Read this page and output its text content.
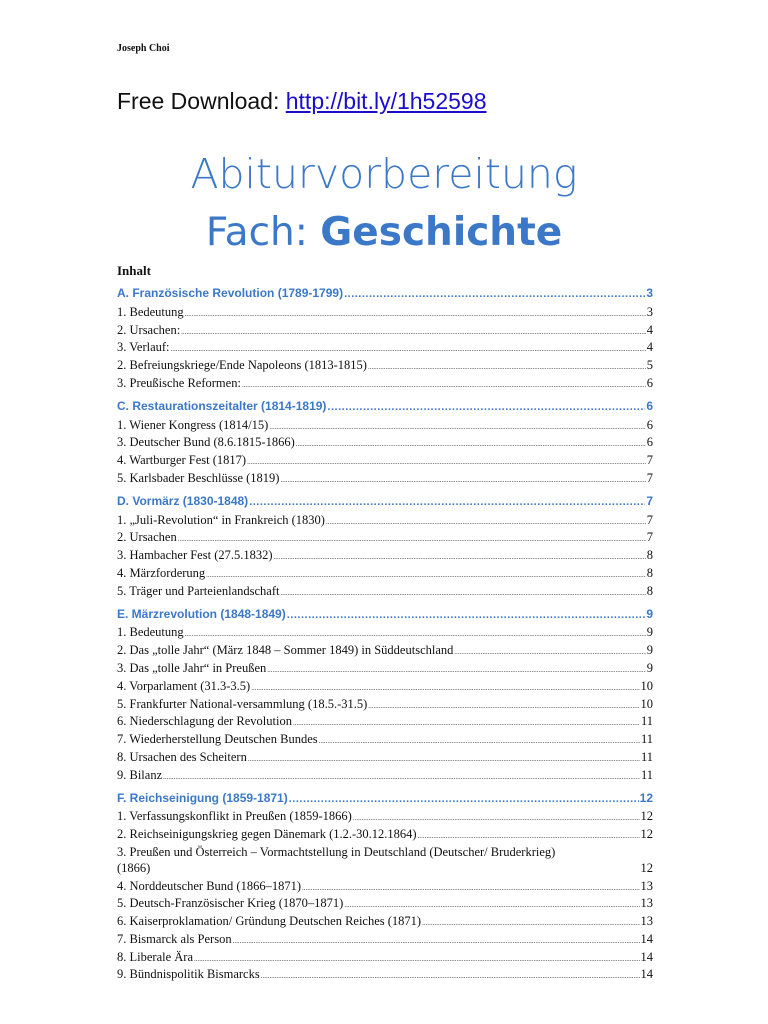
Joseph Choi
Free Download: http://bit.ly/1h52598
Abiturvorbereitung
Fach: Geschichte
Inhalt
A. Französische Revolution (1789-1799) .....	3
1. Bedeutung .....	3
2. Ursachen: .....	4
3. Verlauf: .....	4
2. Befreiungskriege/Ende Napoleons (1813-1815) .....	5
3. Preußische Reformen: .....	6
C. Restaurationszeitalter (1814-1819) .....	6
1. Wiener Kongress (1814/15) .....	6
3. Deutscher Bund (8.6.1815-1866) .....	6
4. Wartburger Fest (1817) .....	7
5. Karlsbader Beschlüsse (1819) .....	7
D. Vormärz (1830-1848) .....	7
1. „Juli-Revolution“ in Frankreich (1830) .....	7
2. Ursachen .....	7
3. Hambacher Fest (27.5.1832) .....	8
4. Märzforderung .....	8
5. Träger und Parteienlandschaft .....	8
E. Märzrevolution (1848-1849) .....	9
1. Bedeutung .....	9
2. Das „tolle Jahr“ (März 1848 – Sommer 1849) in Süddeutschland .....	9
3. Das „tolle Jahr“ in Preußen .....	9
4. Vorparlament (31.3-3.5) .....	10
5. Frankfurter National-versammlung (18.5.-31.5) .....	10
6. Niederschlagung der Revolution .....	11
7. Wiederherstellung Deutschen Bundes .....	11
8. Ursachen des Scheitern .....	11
9. Bilanz .....	11
F. Reichseinigung (1859-1871) .....	12
1. Verfassungskonflikt in Preußen (1859-1866) .....	12
2. Reichseinigungskrieg gegen Dänemark (1.2.-30.12.1864) .....	12
3. Preußen und Österreich – Vormachtstellung in Deutschland (Deutscher/ Bruderkrieg)
(1866)	12
4. Norddeutscher Bund (1866–1871) .....	13
5. Deutsch-Französischer Krieg (1870–1871) .....	13
6. Kaiserproklamation/ Gründung Deutschen Reiches (1871) .....	13
7. Bismarck als Person .....	14
8. Liberale Ära .....	14
9. Bündnispolitik Bismarcks .....	14
